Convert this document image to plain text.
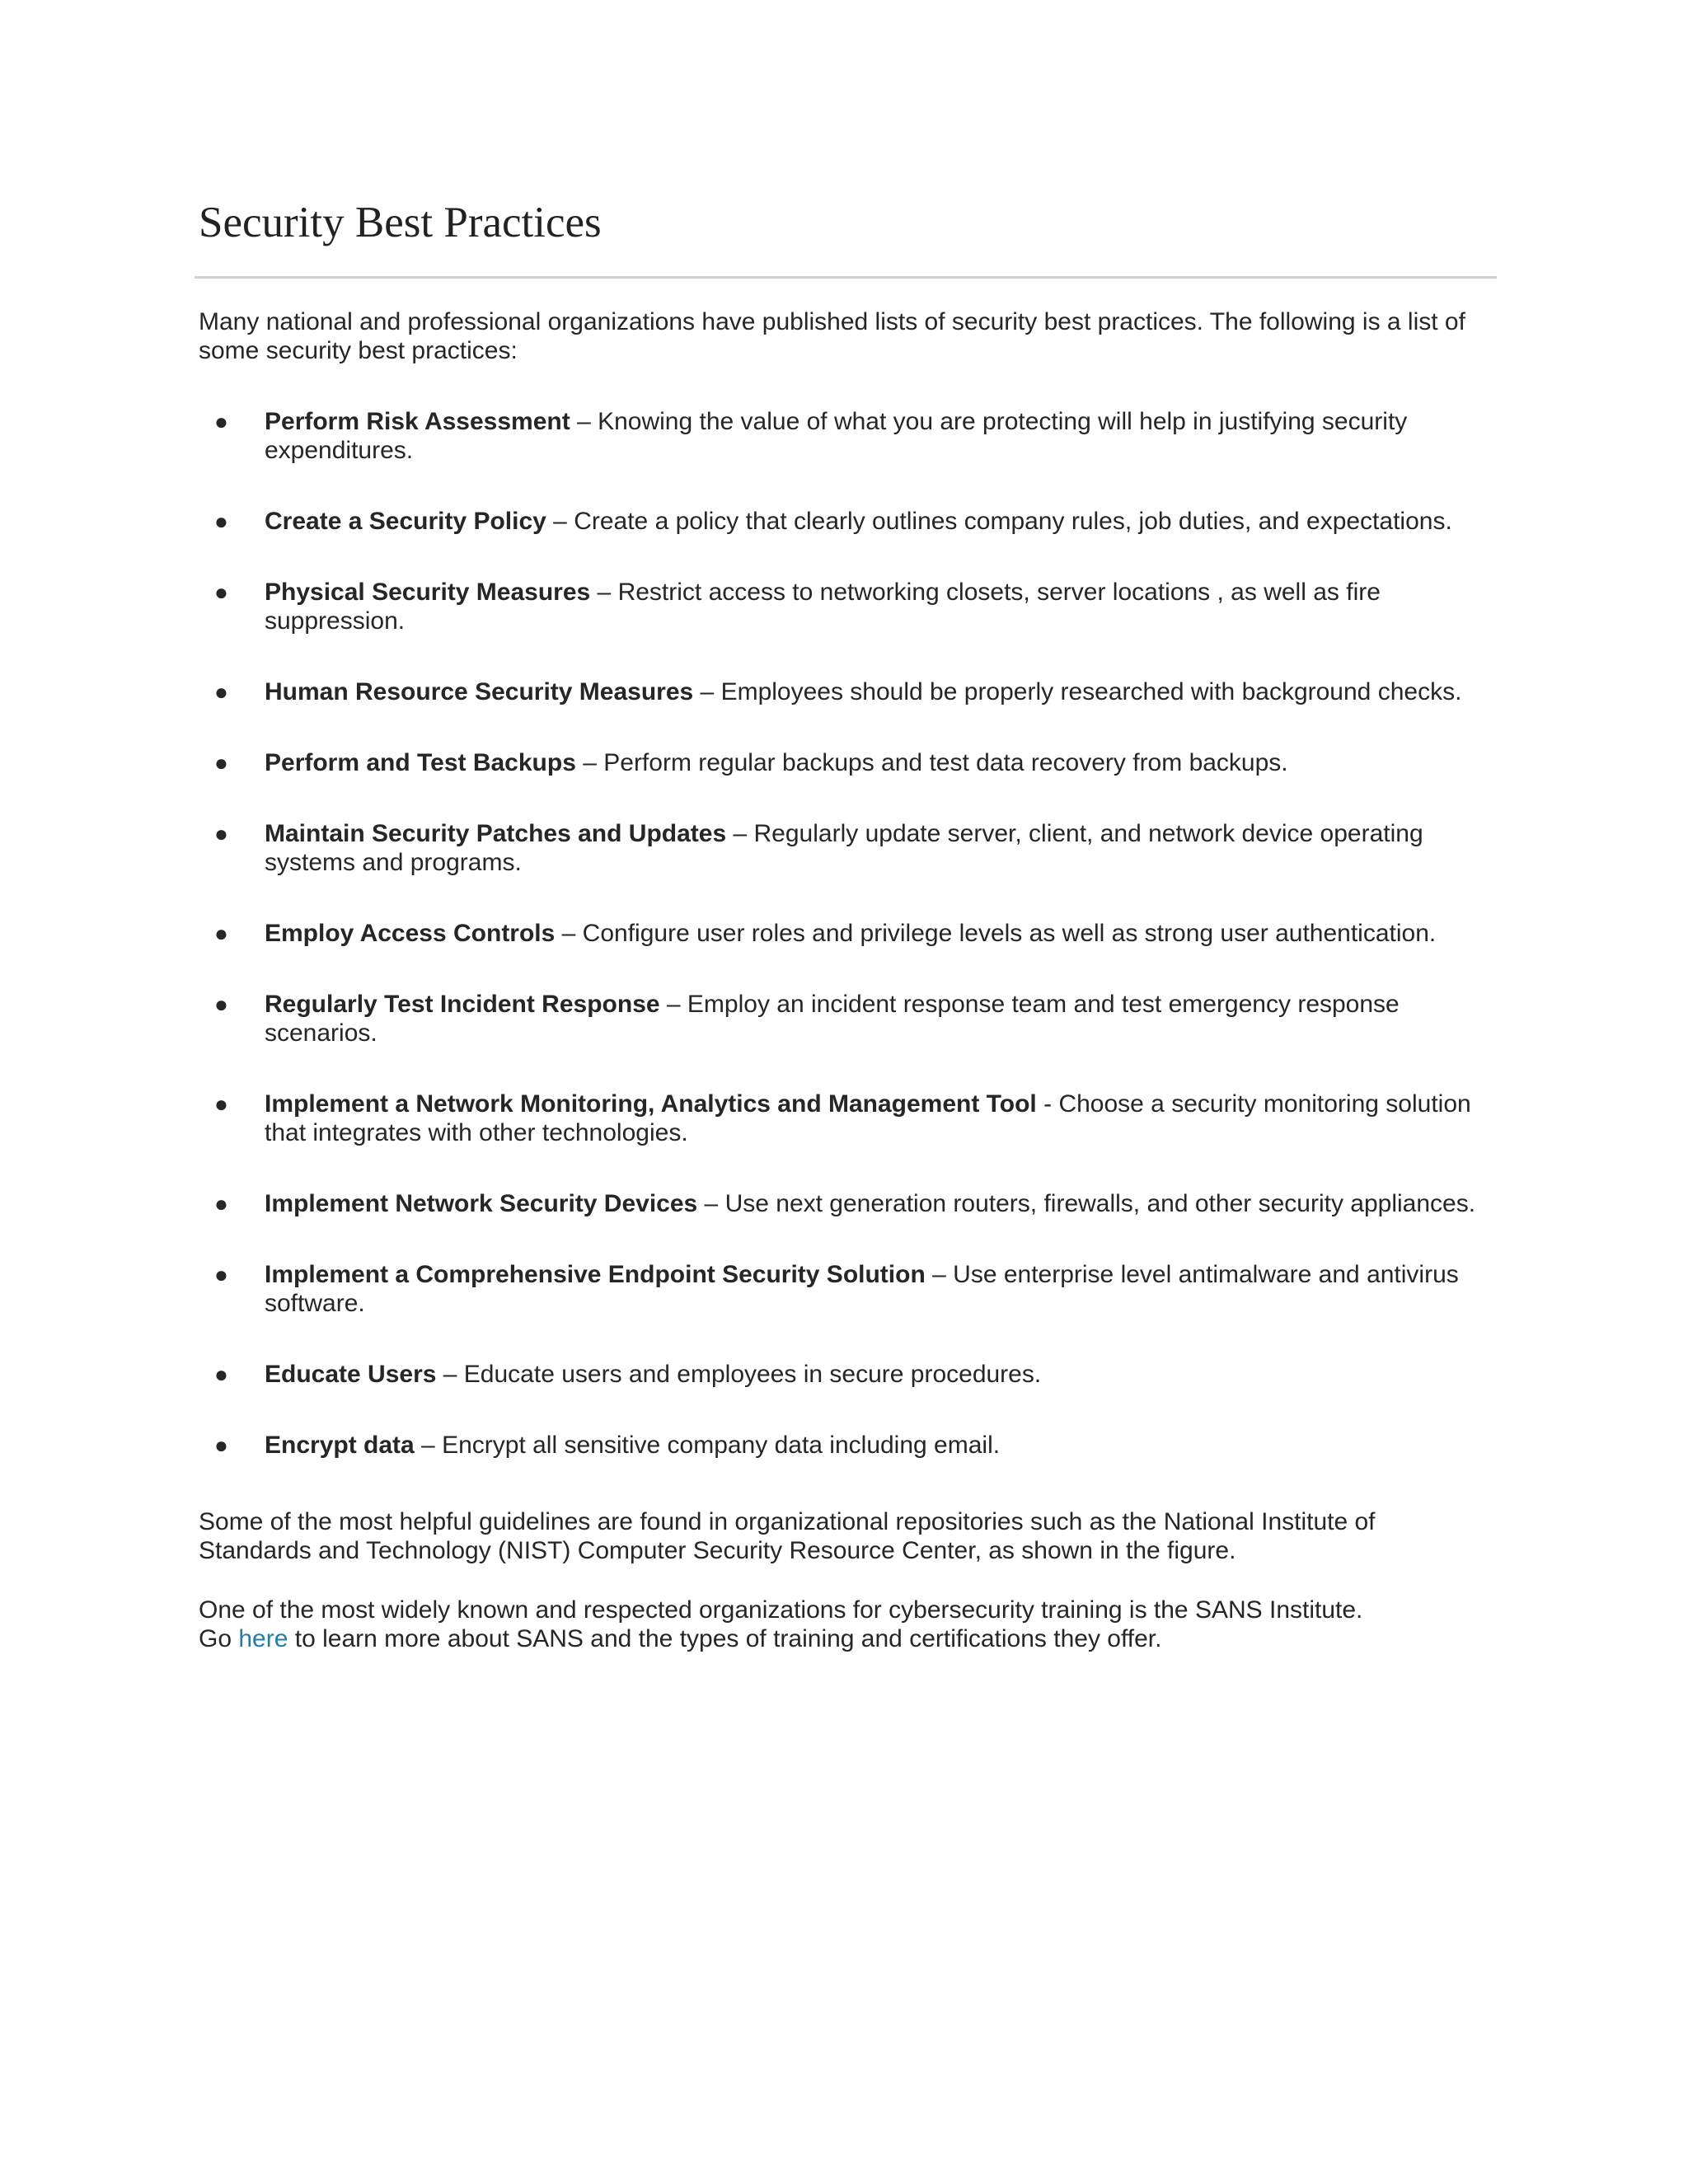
Security Best Practices

Many national and professional organizations have published lists of security best practices. The following is a list of
some security best practices:

● Perform Risk Assessment – Knowing the value of what you are protecting will help in justifying security expenditures.
● Create a Security Policy – Create a policy that clearly outlines company rules, job duties, and expectations.
● Physical Security Measures – Restrict access to networking closets, server locations , as well as fire suppression.
● Human Resource Security Measures – Employees should be properly researched with background checks.
● Perform and Test Backups – Perform regular backups and test data recovery from backups.
● Maintain Security Patches and Updates – Regularly update server, client, and network device operating systems and programs.
● Employ Access Controls – Configure user roles and privilege levels as well as strong user authentication.
● Regularly Test Incident Response – Employ an incident response team and test emergency response scenarios.
● Implement a Network Monitoring, Analytics and Management Tool - Choose a security monitoring solution that integrates with other technologies.
● Implement Network Security Devices – Use next generation routers, firewalls, and other security appliances.
● Implement a Comprehensive Endpoint Security Solution – Use enterprise level antimalware and antivirus software.
● Educate Users – Educate users and employees in secure procedures.
● Encrypt data – Encrypt all sensitive company data including email.

Some of the most helpful guidelines are found in organizational repositories such as the National Institute of
Standards and Technology (NIST) Computer Security Resource Center, as shown in the figure.

One of the most widely known and respected organizations for cybersecurity training is the SANS Institute.
Go here to learn more about SANS and the types of training and certifications they offer.
